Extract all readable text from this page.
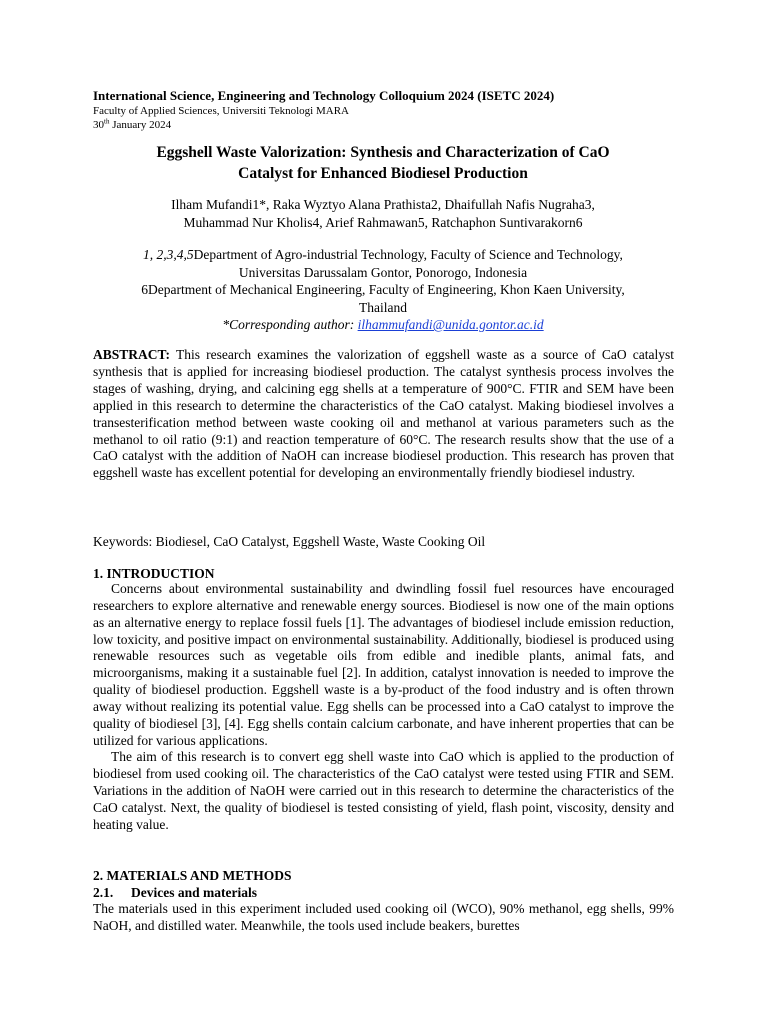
International Science, Engineering and Technology Colloquium 2024 (ISETC 2024)
Faculty of Applied Sciences, Universiti Teknologi MARA
30th January 2024
Eggshell Waste Valorization: Synthesis and Characterization of CaO
Catalyst for Enhanced Biodiesel Production
Ilham Mufandi1*, Raka Wyztyo Alana Prathista2, Dhaifullah Nafis Nugraha3,
Muhammad Nur Kholis4, Arief Rahmawan5, Ratchaphon Suntivarakorn6
1, 2,3,4,5Department of Agro-industrial Technology, Faculty of Science and Technology,
Universitas Darussalam Gontor, Ponorogo, Indonesia
6Department of Mechanical Engineering, Faculty of Engineering, Khon Kaen University,
Thailand
*Corresponding author: ilhammufandi@unida.gontor.ac.id
ABSTRACT: This research examines the valorization of eggshell waste as a source of CaO catalyst synthesis that is applied for increasing biodiesel production. The catalyst synthesis process involves the stages of washing, drying, and calcining egg shells at a temperature of 900°C. FTIR and SEM have been applied in this research to determine the characteristics of the CaO catalyst. Making biodiesel involves a transesterification method between waste cooking oil and methanol at various parameters such as the methanol to oil ratio (9:1) and reaction temperature of 60°C. The research results show that the use of a CaO catalyst with the addition of NaOH can increase biodiesel production. This research has proven that eggshell waste has excellent potential for developing an environmentally friendly biodiesel industry.
Keywords: Biodiesel, CaO Catalyst, Eggshell Waste, Waste Cooking Oil
1. INTRODUCTION

Concerns about environmental sustainability and dwindling fossil fuel resources have encouraged researchers to explore alternative and renewable energy sources. Biodiesel is now one of the main options as an alternative energy to replace fossil fuels [1]. The advantages of biodiesel include emission reduction, low toxicity, and positive impact on environmental sustainability. Additionally, biodiesel is produced using renewable resources such as vegetable oils from edible and inedible plants, animal fats, and microorganisms, making it a sustainable fuel [2]. In addition, catalyst innovation is needed to improve the quality of biodiesel production. Eggshell waste is a by-product of the food industry and is often thrown away without realizing its potential value. Egg shells can be processed into a CaO catalyst to improve the quality of biodiesel [3], [4]. Egg shells contain calcium carbonate, and have inherent properties that can be utilized for various applications.

The aim of this research is to convert egg shell waste into CaO which is applied to the production of biodiesel from used cooking oil. The characteristics of the CaO catalyst were tested using FTIR and SEM. Variations in the addition of NaOH were carried out in this research to determine the characteristics of the CaO catalyst. Next, the quality of biodiesel is tested consisting of yield, flash point, viscosity, density and heating value.

2. MATERIALS AND METHODS
2.1. Devices and materials
The materials used in this experiment included used cooking oil (WCO), 90% methanol, egg shells, 99% NaOH, and distilled water. Meanwhile, the tools used include beakers, burettes
